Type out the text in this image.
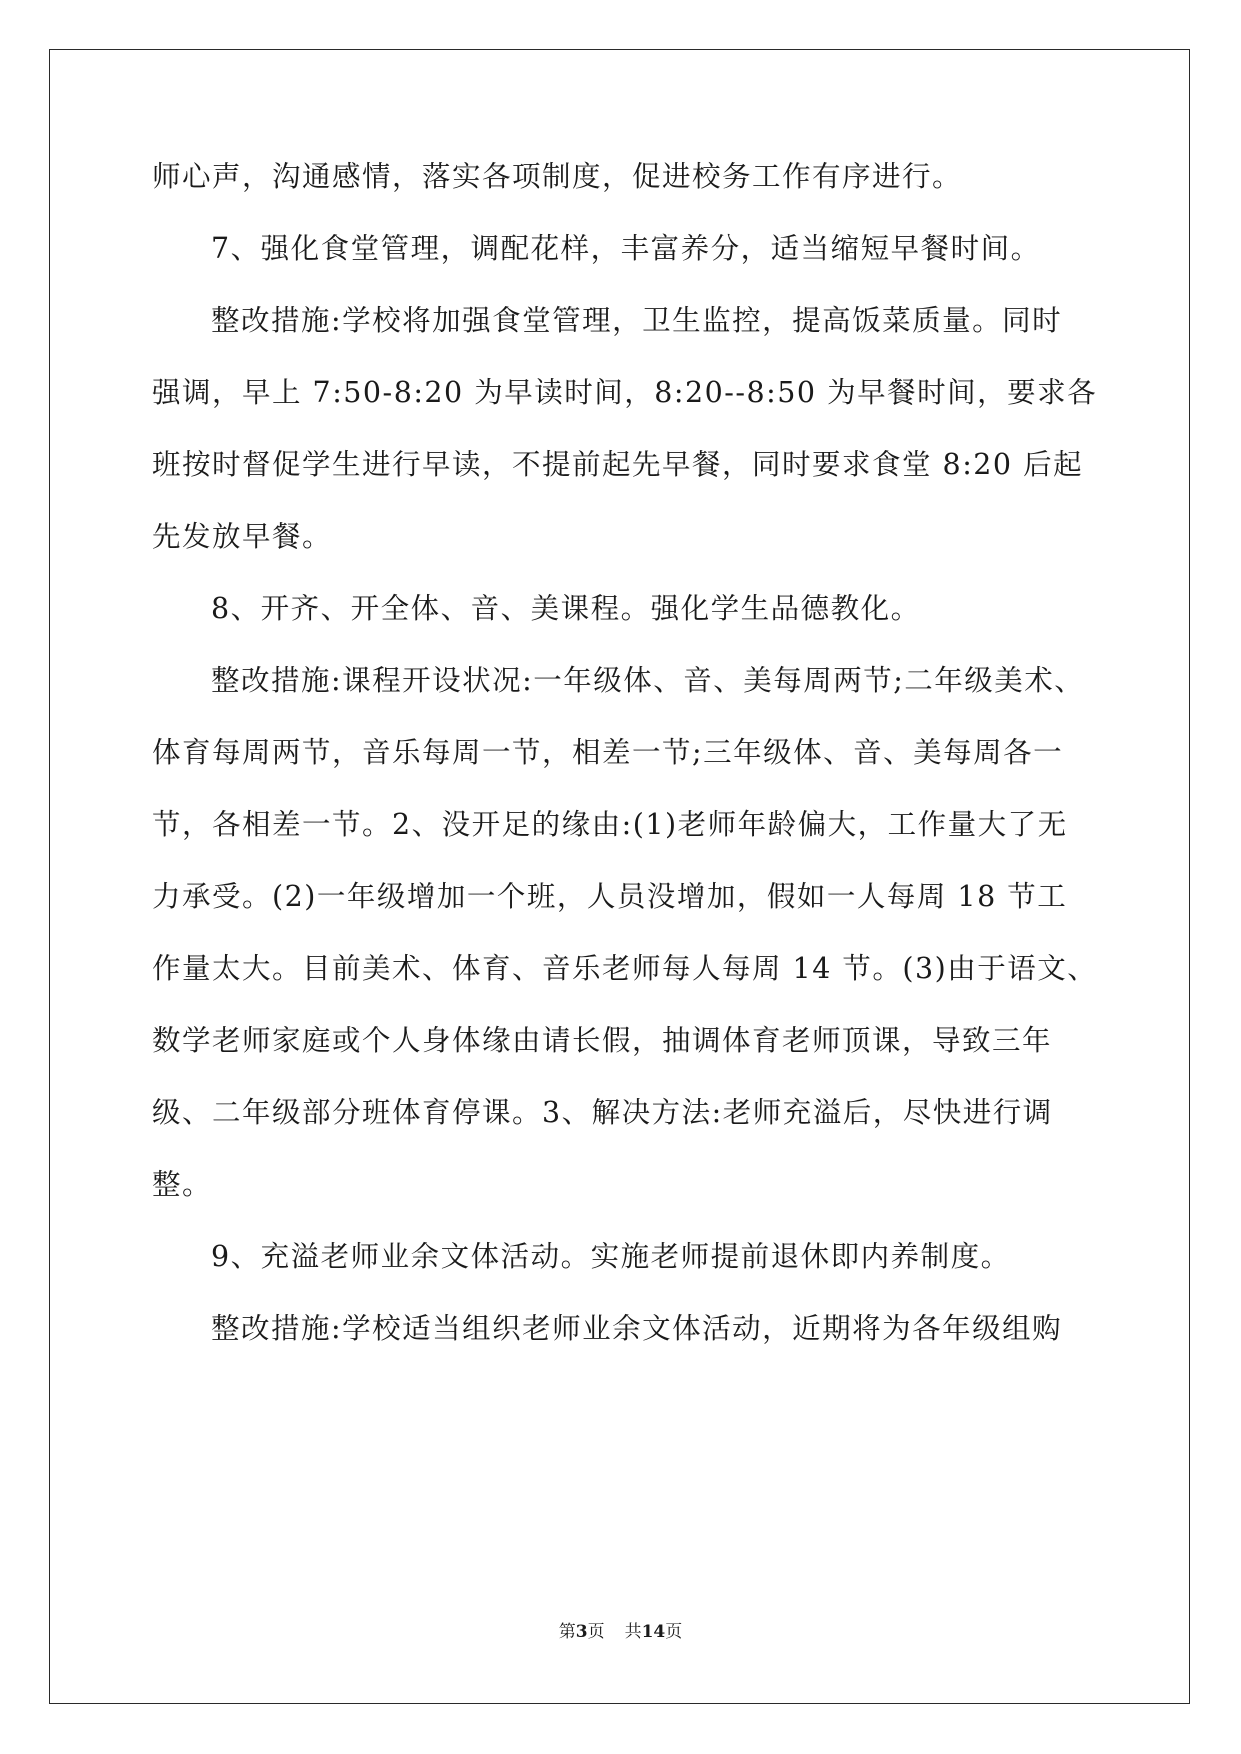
师心声，沟通感情，落实各项制度，促进校务工作有序进行。
7、强化食堂管理，调配花样，丰富养分，适当缩短早餐时间。
整改措施:学校将加强食堂管理，卫生监控，提高饭菜质量。同时
强调，早上 7:50-8:20 为早读时间，8:20--8:50 为早餐时间，要求各
班按时督促学生进行早读，不提前起先早餐，同时要求食堂 8:20 后起
先发放早餐。
8、开齐、开全体、音、美课程。强化学生品德教化。
整改措施:课程开设状况:一年级体、音、美每周两节;二年级美术、
体育每周两节，音乐每周一节，相差一节;三年级体、音、美每周各一
节，各相差一节。2、没开足的缘由:(1)老师年龄偏大，工作量大了无
力承受。(2)一年级增加一个班，人员没增加，假如一人每周 18 节工
作量太大。目前美术、体育、音乐老师每人每周 14 节。(3)由于语文、
数学老师家庭或个人身体缘由请长假，抽调体育老师顶课，导致三年
级、二年级部分班体育停课。3、解决方法:老师充溢后，尽快进行调
整。
9、充溢老师业余文体活动。实施老师提前退休即内养制度。
整改措施:学校适当组织老师业余文体活动，近期将为各年级组购
第3页 共14页
